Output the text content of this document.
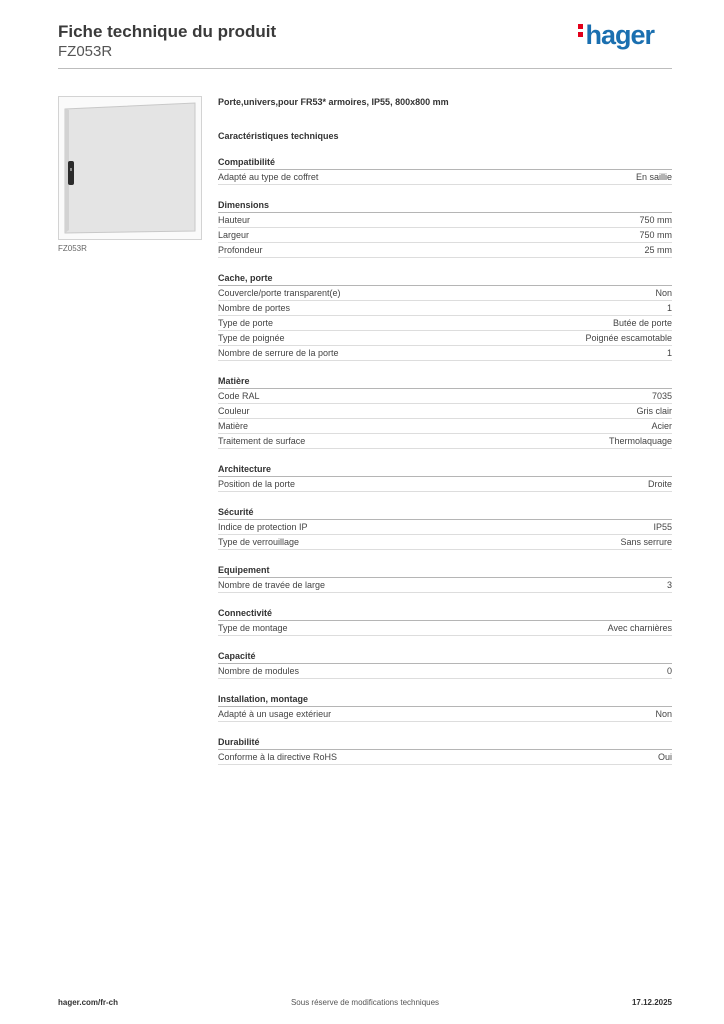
Fiche technique du produit
FZ053R
hager
FZ053R
Porte,univers,pour FR53* armoires, IP55, 800x800 mm
Caractéristiques techniques
Compatibilité
Adapté au type de coffret	En saillie
Dimensions
Hauteur	750 mm
Largeur	750 mm
Profondeur	25 mm
Cache, porte
Couvercle/porte transparent(e)	Non
Nombre de portes	1
Type de porte	Butée de porte
Type de poignée	Poignée escamotable
Nombre de serrure de la porte	1
Matière
Code RAL	7035
Couleur	Gris clair
Matière	Acier
Traitement de surface	Thermolaquage
Architecture
Position de la porte	Droite
Sécurité
Indice de protection IP	IP55
Type de verrouillage	Sans serrure
Equipement
Nombre de travée de large	3
Connectivité
Type de montage	Avec charnières
Capacité
Nombre de modules	0
Installation, montage
Adapté à un usage extérieur	Non
Durabilité
Conforme à la directive RoHS	Oui
hager.com/fr-ch	Sous réserve de modifications techniques	17.12.2025
